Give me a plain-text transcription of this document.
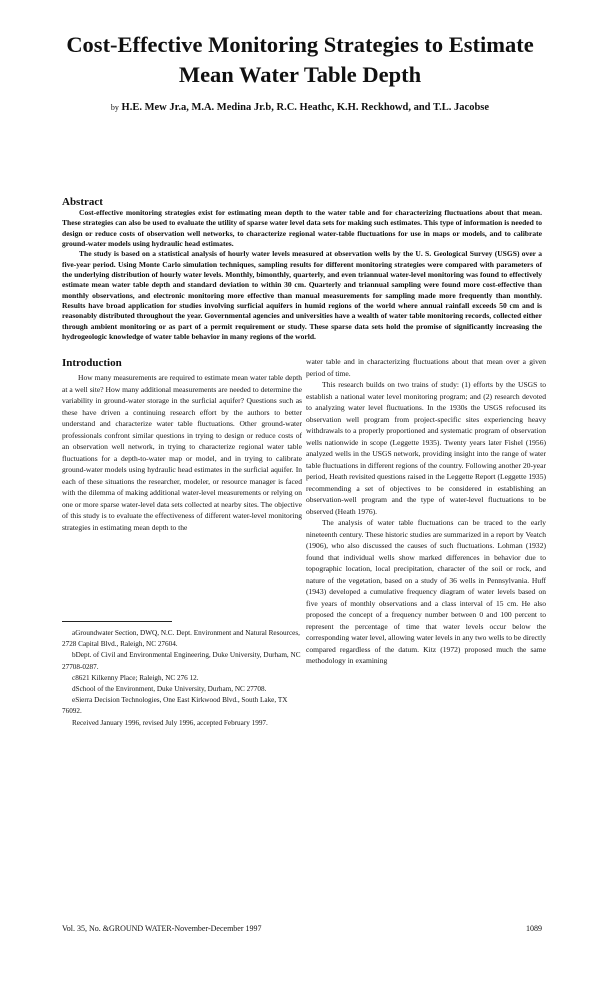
Cost-Effective Monitoring Strategies to Estimate
Mean Water Table Depth
by H.E. Mew Jr.a, M.A. Medina Jr.b, R.C. Heathc, K.H. Reckhowd, and T.L. Jacobse
Abstract

Cost-effective monitoring strategies exist for estimating mean depth to the water table and for characterizing fluctuations about that mean. These strategies can also be used to evaluate the utility of sparse water level data sets for making such estimates. This type of information is needed to design or reduce costs of observation well networks, to characterize regional water-table fluctuations for use in maps or models, and to calibrate ground-water models using hydraulic head estimates.

The study is based on a statistical analysis of hourly water levels measured at observation wells by the U. S. Geological Survey (USGS) over a five-year period. Using Monte Carlo simulation techniques, sampling results for different monitoring strategies were compared with parameters of the underlying distribution of hourly water levels. Monthly, bimonthly, quarterly, and even triannual water-level monitoring was found to effectively estimate mean water table depth and standard deviation to within 30 cm. Quarterly and triannual sampling were found more cost-effective than monthly observations, and electronic monitoring more effective than manual measurements for sampling made more frequently than monthly. Results have broad application for studies involving surficial aquifers in humid regions of the world where annual rainfall exceeds 50 cm and is reasonably distributed throughout the year. Governmental agencies and universities have a wealth of water table monitoring records, collected either through ambient monitoring or as part of a permit requirement or study. These sparse data sets hold the promise of significantly increasing the hydrogeologic knowledge of water table behavior in many regions of the world.

Introduction

How many measurements are required to estimate mean water table depth at a well site? How many additional measurements are needed to determine the variability in ground-water storage in the surficial aquifer? Questions such as these have driven a continuing research effort by the authors to better understand and characterize water table fluctuations. Other ground-water professionals confront similar questions in trying to design or reduce costs of an observation well network, in trying to characterize regional water table fluctuations for a depth-to-water map or model, and in trying to calibrate ground-water models using hydraulic head estimates in the surficial aquifer. In each of these situations the researcher, modeler, or resource manager is faced with the dilemma of making additional water-level measurements or relying on one or more sparse water-level data sets collected at nearby sites. The objective of this study is to evaluate the effectiveness of different water-level monitoring strategies in estimating mean depth to the

aGroundwater Section, DWQ, N.C. Dept. Environment and Natural Resources, 2728 Capital Blvd., Raleigh, NC 27604.

bDept. of Civil and Environmental Engineering, Duke University, Durham, NC 27708-0287.

c8621 Kilkenny Place; Raleigh, NC 276 12.

dSchool of the Environment, Duke University, Durham, NC 27708.

eSierra Decision Technologies, One East Kirkwood Blvd., South Lake, TX 76092.

Received January 1996, revised July 1996, accepted February 1997.

water table and in characterizing fluctuations about that mean over a given period of time.

This research builds on two trains of study: (1) efforts by the USGS to establish a national water level monitoring program; and (2) research devoted to analyzing water level fluctuations. In the 1930s the USGS refocused its observation well program from project-specific sites experiencing heavy withdrawals to a properly proportioned and systematic program of observation wells nationwide in scope (Leggette 1935). Twenty years later Fishel (1956) analyzed wells in the USGS network, providing insight into the range of water table fluctuations in different regions of the country. Following another 20-year period, Heath revisited questions raised in the Leggette Report (Leggette 1935) recommending a set of objectives to be considered in establishing an observation-well program and the type of water-level fluctuations to be observed (Heath 1976).

The analysis of water table fluctuations can be traced to the early nineteenth century. These historic studies are summarized in a report by Veatch (1906), who also discussed the causes of such fluctuations. Lohman (1932) found that individual wells show marked differences in behavior due to topographic location, local precipitation, character of the soil or rock, and nature of the vegetation, based on a study of 36 wells in Pennsylvania. Huff (1943) developed a cumulative frequency diagram of water levels based on five years of monthly observations and a class interval of 15 cm. He also proposed the concept of a frequency number between 0 and 100 percent to represent the percentage of time that water levels occur below the corresponding water level, allowing water levels in any two wells to be directly compared regardless of the datum. Kitz (1972) proposed much the same methodology in examining

Vol. 35, No. &GROUND WATER-November-December 1997	1089
